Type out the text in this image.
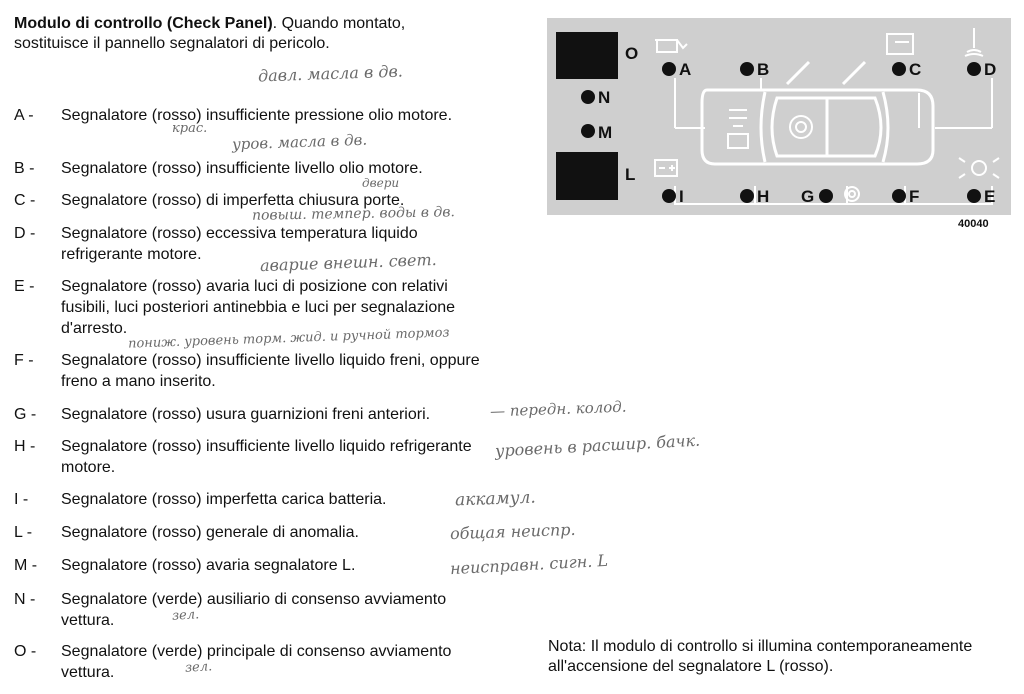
Modulo di controllo (Check Panel). Quando montato, sostituisce il pannello segnalatori di pericolo.
A -	Segnalatore (rosso) insufficiente pressione olio motore.
B -	Segnalatore (rosso) insufficiente livello olio motore.
C -	Segnalatore (rosso) di imperfetta chiusura porte.
D -	Segnalatore (rosso) eccessiva temperatura liquido refrigerante motore.
E -	Segnalatore (rosso) avaria luci di posizione con relativi fusibili, luci posteriori antinebbia e luci per segnalazione d'arresto.
F -	Segnalatore (rosso) insufficiente livello liquido freni, oppure freno a mano inserito.
G -	Segnalatore (rosso) usura guarnizioni freni anteriori.
H -	Segnalatore (rosso) insufficiente livello liquido refrigerante motore.
I -	Segnalatore (rosso) imperfetta carica batteria.
L -	Segnalatore (rosso) generale di anomalia.
M -	Segnalatore (rosso) avaria segnalatore L.
N -	Segnalatore (verde) ausiliario di consenso avviamento vettura.
O -	Segnalatore (verde) principale di consenso avviamento vettura.
давл. масла в дв.
крас.
уров. масла в дв.
двери
повыш. темпер. воды в дв.
аварие внешн. свет.
пониж. уровень торм. жид. и ручной тормоз
— передн. колод.
уровень в расшир. бачк.
аккамул.
общая неиспр.
неисправн. сигн. L
зел.
зел.
O
N
M
L
A	B	C	D
I	H G	F	E
40040
Nota: Il modulo di controllo si illumina contemporaneamente all'accensione del segnalatore L (rosso).
